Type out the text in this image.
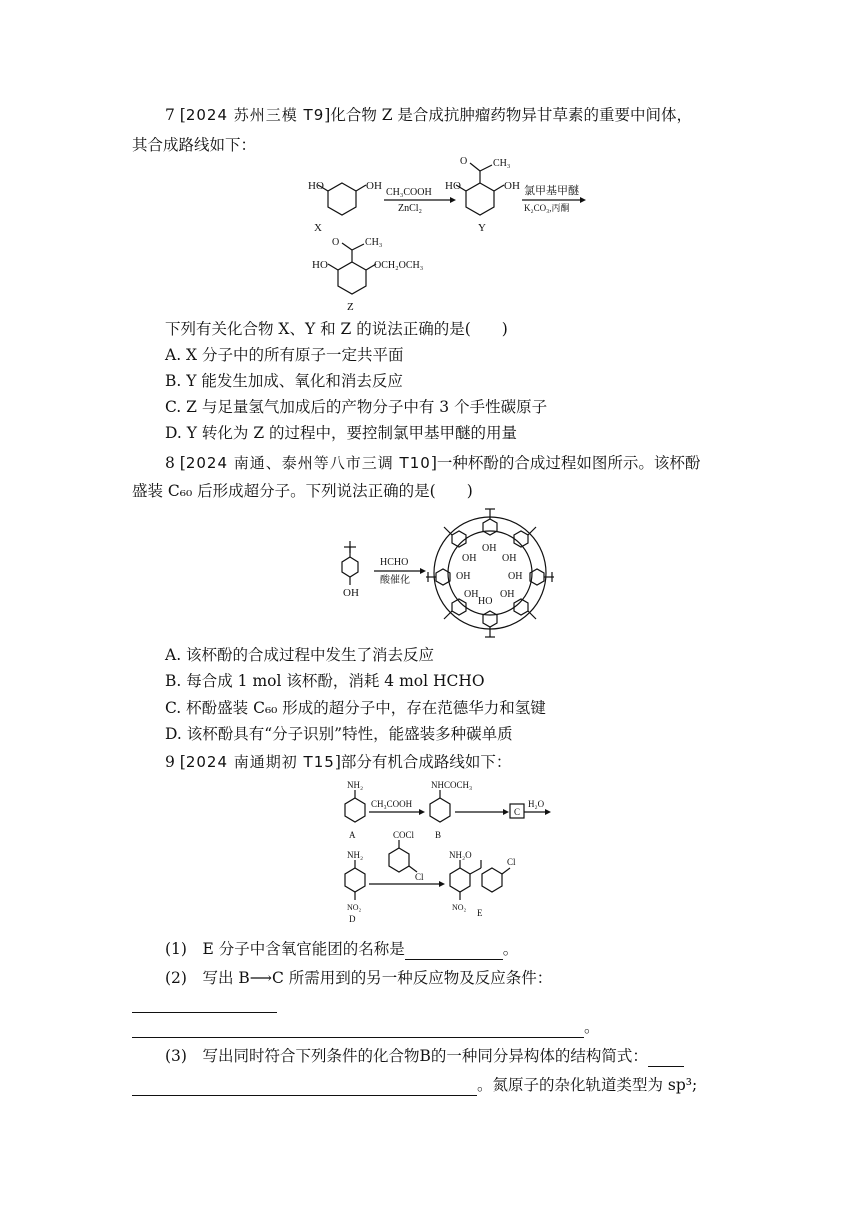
7 [2024 苏州三模 T9]化合物 Z 是合成抗肿瘤药物异甘草素的重要中间体，
其合成路线如下：
HO	OH
X
CH₃COOH
ZnCl₂
O	CH₃
HO	OH
Y
氯甲基甲醚
K₂CO₃,丙酮
O	CH₃
HO	OCH₂OCH₃
Z
下列有关化合物 X、Y 和 Z 的说法正确的是(　　)
A. X 分子中的所有原子一定共平面
B. Y 能发生加成、氧化和消去反应
C. Z 与足量氢气加成后的产物分子中有 3 个手性碳原子
D. Y 转化为 Z 的过程中，要控制氯甲基甲醚的用量
8 [2024 南通、泰州等八市三调 T10]一种杯酚的合成过程如图所示。该杯酚
盛装 C₆₀ 后形成超分子。下列说法正确的是(　　)
OH
HCHO
酸催化
OH
OH	OH
OH	OH
OH
HO
OH
A. 该杯酚的合成过程中发生了消去反应
B. 每合成 1 mol 该杯酚，消耗 4 mol HCHO
C. 杯酚盛装 C₆₀ 形成的超分子中，存在范德华力和氢键
D. 该杯酚具有“分子识别”特性，能盛装多种碳单质
9 [2024 南通期初 T15]部分有机合成路线如下：
NH₂
A
CH₃COOH
NHCOCH₃
B
C
H₂O
NH₂
NO₂
D
COCl
Cl
NH₂O
Cl
NO₂
E
(1)　E 分子中含氧官能团的名称是	。
(2)　写出 B⟶C 所需用到的另一种反应物及反应条件：
。
(3)　写出同时符合下列条件的化合物B的一种同分异构体的结构简式：
。氮原子的杂化轨道类型为 sp³;
